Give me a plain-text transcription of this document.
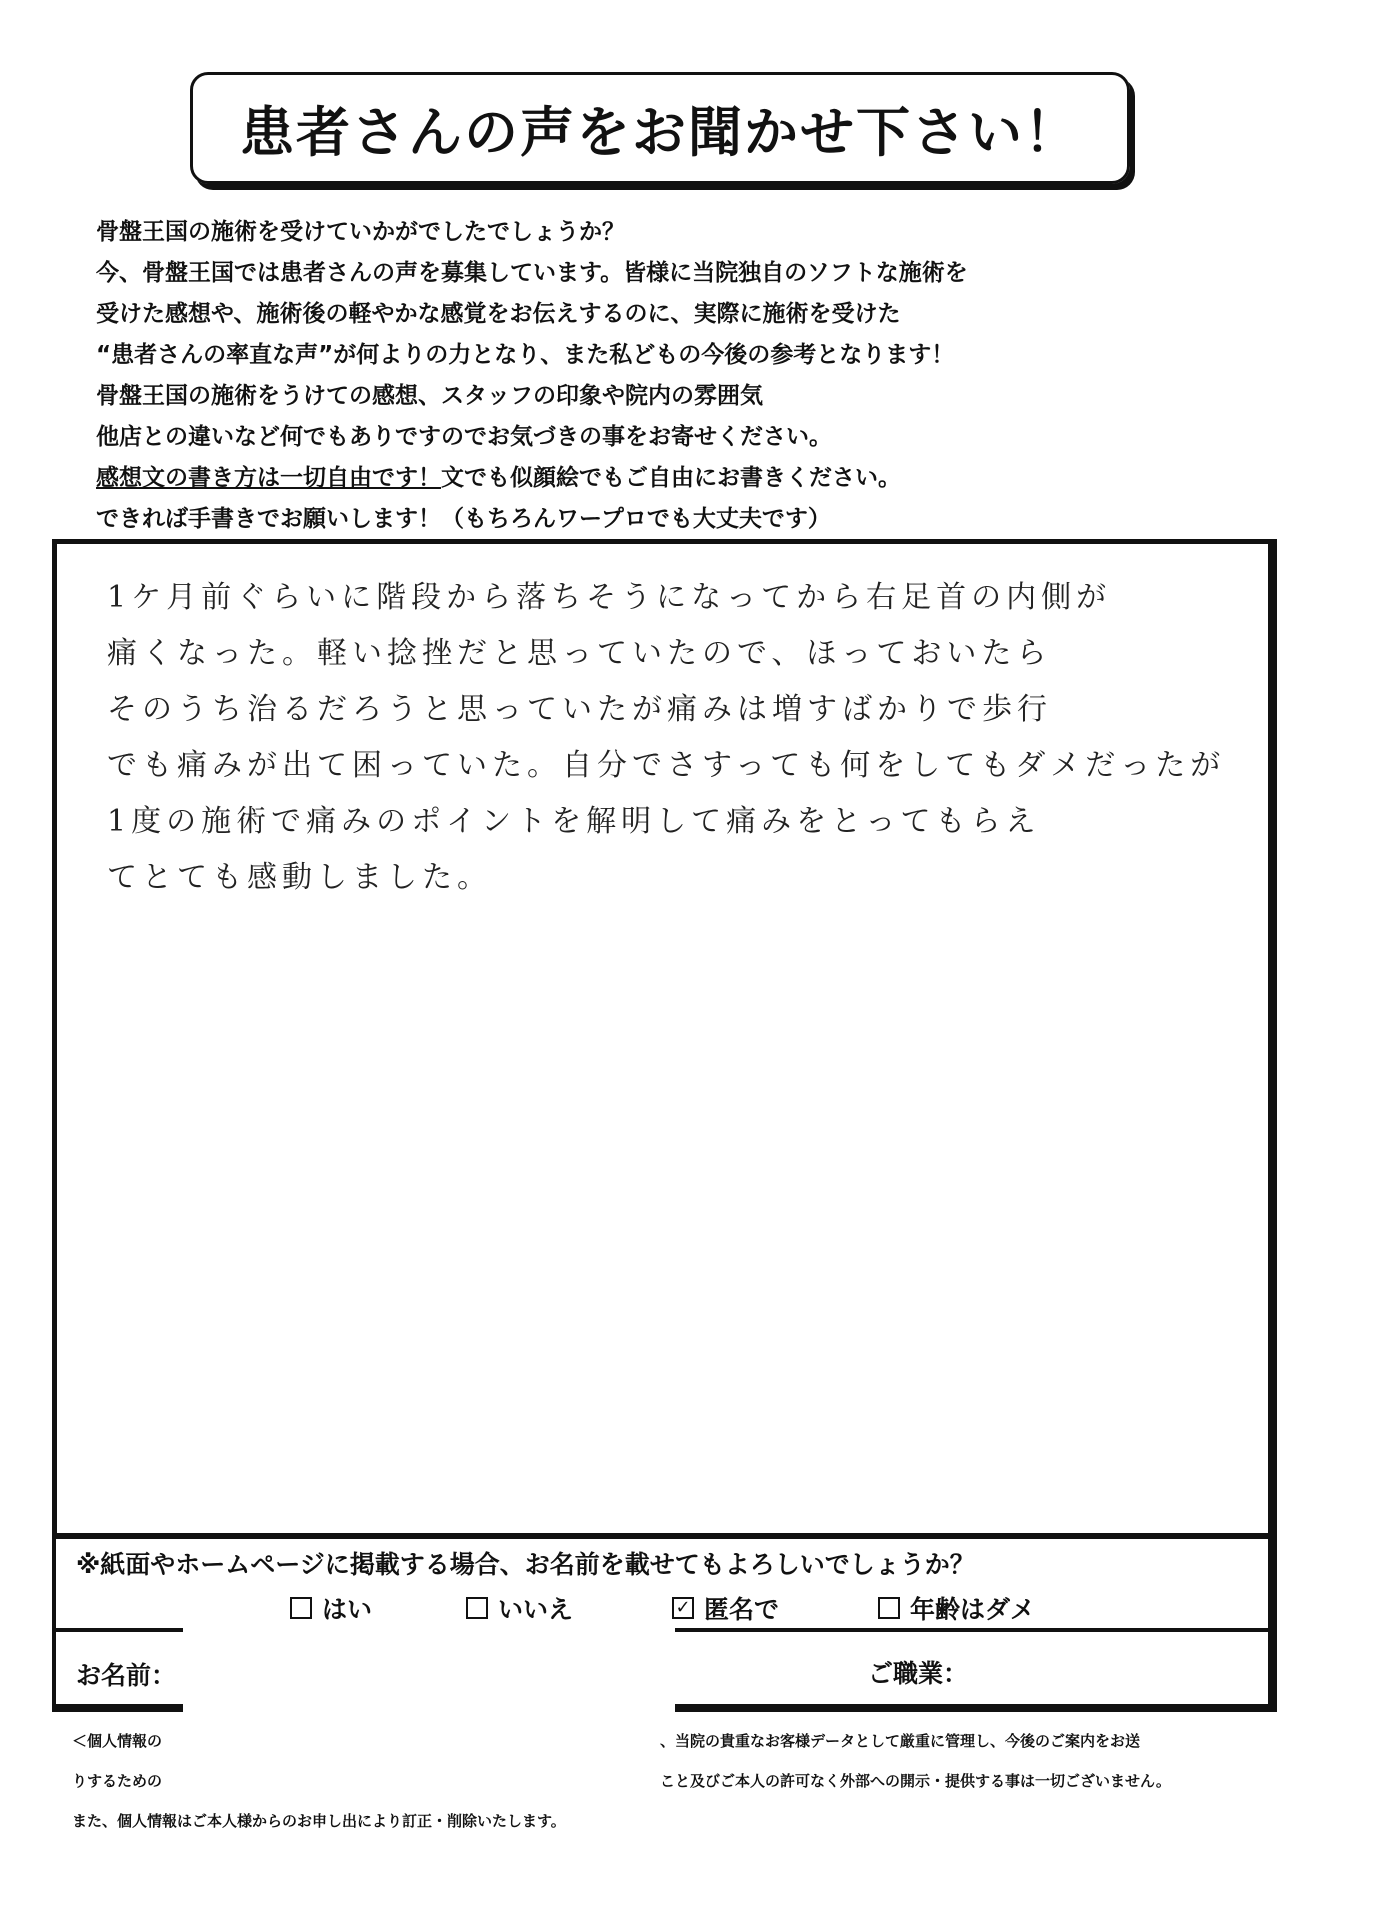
患者さんの声をお聞かせ下さい！
骨盤王国の施術を受けていかがでしたでしょうか？
今、骨盤王国では患者さんの声を募集しています。皆様に当院独自のソフトな施術を
受けた感想や、施術後の軽やかな感覚をお伝えするのに、実際に施術を受けた
“患者さんの率直な声”が何よりの力となり、また私どもの今後の参考となります！
骨盤王国の施術をうけての感想、スタッフの印象や院内の雰囲気
他店との違いなど何でもありですのでお気づきの事をお寄せください。
感想文の書き方は一切自由です！文でも似顔絵でもご自由にお書きください。
できれば手書きでお願いします！（もちろんワープロでも大丈夫です）
1ケ月前ぐらいに階段から落ちそうになってから右足首の内側が
痛くなった。軽い捻挫だと思っていたので、ほっておいたら
そのうち治るだろうと思っていたが痛みは増すばかりで歩行
でも痛みが出て困っていた。自分でさすっても何をしてもダメだったが
1度の施術で痛みのポイントを解明して痛みをとってもらえ
てとても感動しました。
※紙面やホームページに掲載する場合、お名前を載せてもよろしいでしょうか？
はい	いいえ	✓ 匿名で	年齢はダメ
お名前：	ご職業：
＜個人情報の	、当院の貴重なお客様データとして厳重に管理し、今後のご案内をお送
りするための	こと及びご本人の許可なく外部への開示・提供する事は一切ございません。
また、個人情報はご本人様からのお申し出により訂正・削除いたします。
